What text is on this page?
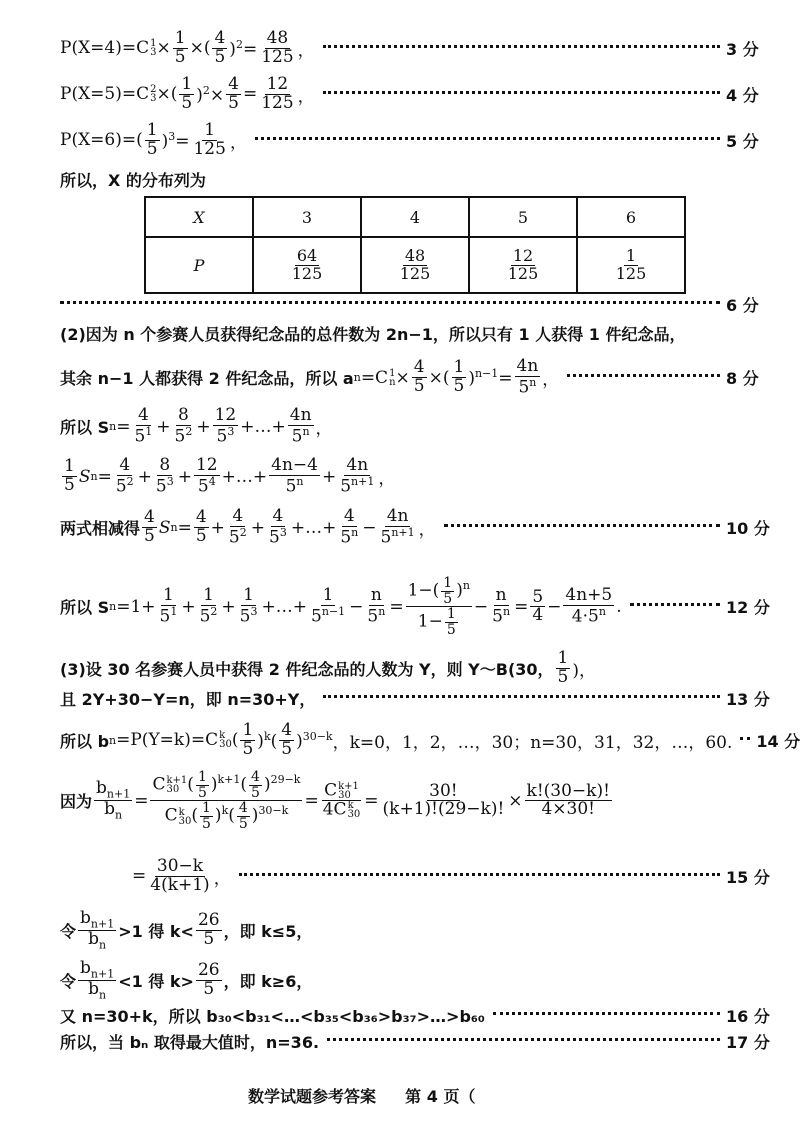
P(X=4)=C 1
$3 \times \frac{1}{5}$ ×( $\frac{4}{5} )^2= \frac{48}{125}$ ，	3 分
P(X=5)=C 2
3 ×( $\frac{1}{5} )^2\times \frac{4}{5} = \frac{12}{125}$ ，	4 分
P(X=6)= ( $\frac{1}{5} )^3= \frac{1}{125}$ ，	5 分
所以，X 的分布列为
X	3	4	5	6
P	$\frac{64}{125}$	$\frac{48}{125}$	$\frac{12}{125}$	$\frac{1}{125}$
6 分
(2)因为 n 个参赛人员获得纪念品的总件数为 2n−1，所以只有 1 人获得 1 件纪念品，
其余 n−1 人都获得 2 件纪念品，所以 a n =C 1
$n \times \frac{4}{5}$ ×( $\frac{1}{5} )^{n-1}= \frac{4n}{5^n}$ ，	8 分
所以 S $n = \frac{4}{5^1} + \frac{8}{5^2} + \frac{12}{5^3}$ +…+ $\frac{4n}{5^n}$ ，
$\frac{1}{5}$ S $n = \frac{4}{5^2} + \frac{8}{5^3} + \frac{12}{5^4}$ +…+ $\frac{4n-4}{5^n} + \frac{4n}{5^{n+1}}$ ，
两式相减得 $\frac{4}{5}$ S $n = \frac{4}{5} + \frac{4}{5^2} + \frac{4}{5^3}$ +…+ $\frac{4}{5^n} - \frac{4n}{5^{n+1}}$ ，	10 分
所以 S $n =1+ \frac{1}{5^1} + \frac{1}{5^2} + \frac{1}{5^3}$ +…+ $\frac{1}{5^{n-1}} - \frac{n}{5^n} = \frac{1-( \frac{1}{5} )^n}{1- \frac{1}{5}} - \frac{n}{5^n} = \frac{5}{4} - \frac{4n+5}{4\cdot 5^n}$ .	12 分
(3)设 30 名参赛人员中获得 2 件纪念品的人数为 Y，则 Y～B(30， $\frac{1}{5}$ )，
且 2Y+30−Y=n，即 n=30+Y，	13 分
所以 b n =P(Y=k)=C k
30 ( $\frac{1}{5} )^k( \frac{4}{5} )^{30-k}$ ，k=0，1，2，…，30；n=30，31，32，…，60. 14 分
因为 $\frac{b_{n+1}}{b_n} = C$ k+1
30 ( $\frac{1}{5} )^{k+1}( \frac{4}{5} )^{29-k}$
C k
30 ( $\frac{1}{5} )^k( \frac{4}{5} )^{30-k} = C$ k+1
30
4C k
$30 = \frac{30!}{(k+1)!(29-k)!} \times \frac{k!(30-k)!}{4\times 30!}$
= $\frac{30-k}{4(k+1)}$ ，	15 分
令 $\frac{b_{n+1}}{b_n} >1$ 得 $k< \frac{26}{5}$ ，即 k≤5，
令 $\frac{b_{n+1}}{b_n} <1$ 得 $k> \frac{26}{5}$ ，即 k≥6，
又 n=30+k，所以 b₃₀<b₃₁<…<b₃₅<b₃₆>b₃₇>…>b₆₀	16 分
所以，当 bₙ 取得最大值时，n=36.	17 分
数学试题参考答案 第 4 页（
